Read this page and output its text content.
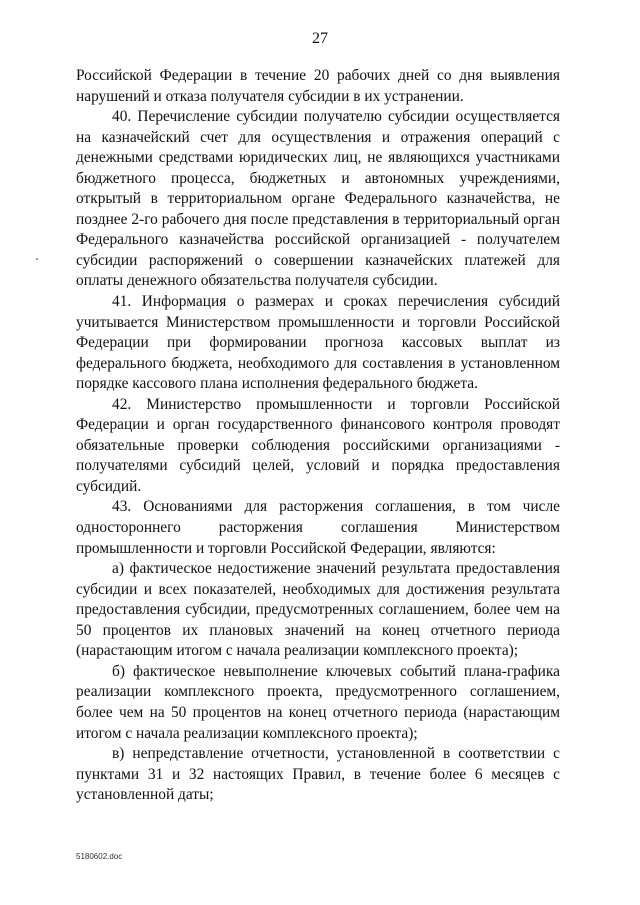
27

Российской Федерации в течение 20 рабочих дней со дня выявления нарушений и отказа получателя субсидии в их устранении.

40. Перечисление субсидии получателю субсидии осуществляется на казначейский счет для осуществления и отражения операций с денежными средствами юридических лиц, не являющихся участниками бюджетного процесса, бюджетных и автономных учреждениями, открытый в территориальном органе Федерального казначейства, не позднее 2-го рабочего дня после представления в территориальный орган Федерального казначейства российской организацией - получателем субсидии распоряжений о совершении казначейских платежей для оплаты денежного обязательства получателя субсидии.

41. Информация о размерах и сроках перечисления субсидий учитывается Министерством промышленности и торговли Российской Федерации при формировании прогноза кассовых выплат из федерального бюджета, необходимого для составления в установленном порядке кассового плана исполнения федерального бюджета.

42. Министерство промышленности и торговли Российской Федерации и орган государственного финансового контроля проводят обязательные проверки соблюдения российскими организациями - получателями субсидий целей, условий и порядка предоставления субсидий.

43. Основаниями для расторжения соглашения, в том числе одностороннего расторжения соглашения Министерством промышленности и торговли Российской Федерации, являются:

а) фактическое недостижение значений результата предоставления субсидии и всех показателей, необходимых для достижения результата предоставления субсидии, предусмотренных соглашением, более чем на 50 процентов их плановых значений на конец отчетного периода (нарастающим итогом с начала реализации комплексного проекта);

б) фактическое невыполнение ключевых событий плана-графика реализации комплексного проекта, предусмотренного соглашением, более чем на 50 процентов на конец отчетного периода (нарастающим итогом с начала реализации комплексного проекта);

в) непредставление отчетности, установленной в соответствии с пунктами 31 и 32 настоящих Правил, в течение более 6 месяцев с установленной даты;

5180602.doc
